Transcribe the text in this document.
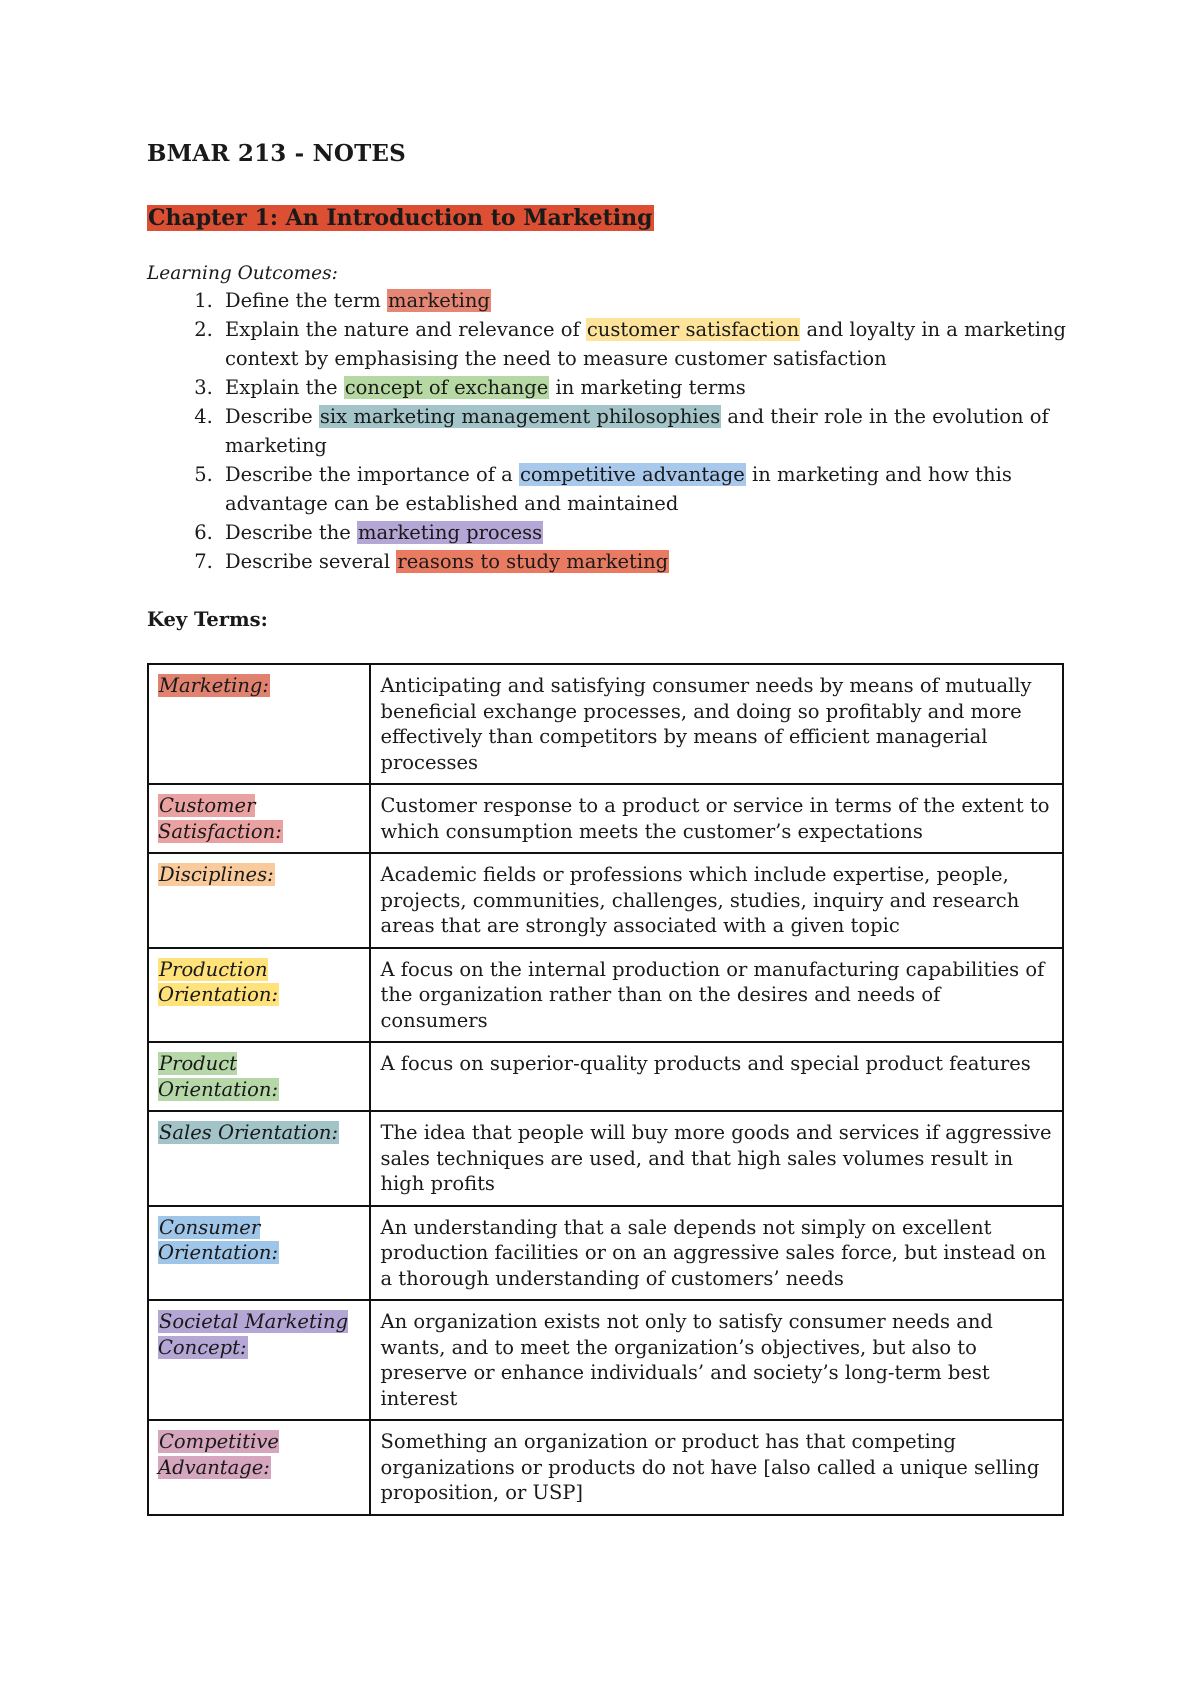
BMAR 213 - NOTES
Chapter 1: An Introduction to Marketing
Learning Outcomes:
1. Define the term marketing
2. Explain the nature and relevance of customer satisfaction and loyalty in a marketing context by emphasising the need to measure customer satisfaction
3. Explain the concept of exchange in marketing terms
4. Describe six marketing management philosophies and their role in the evolution of marketing
5. Describe the importance of a competitive advantage in marketing and how this advantage can be established and maintained
6. Describe the marketing process
7. Describe several reasons to study marketing
Key Terms:
Marketing:	Anticipating and satisfying consumer needs by means of mutually beneficial exchange processes, and doing so profitably and more effectively than competitors by means of efficient managerial processes
Customer Satisfaction:	Customer response to a product or service in terms of the extent to which consumption meets the customer’s expectations
Disciplines:	Academic fields or professions which include expertise, people, projects, communities, challenges, studies, inquiry and research areas that are strongly associated with a given topic
Production Orientation:	A focus on the internal production or manufacturing capabilities of the organization rather than on the desires and needs of consumers
Product Orientation:	A focus on superior-quality products and special product features
Sales Orientation:	The idea that people will buy more goods and services if aggressive sales techniques are used, and that high sales volumes result in high profits
Consumer Orientation:	An understanding that a sale depends not simply on excellent production facilities or on an aggressive sales force, but instead on a thorough understanding of customers’ needs
Societal Marketing Concept:	An organization exists not only to satisfy consumer needs and wants, and to meet the organization’s objectives, but also to preserve or enhance individuals’ and society’s long-term best interest
Competitive Advantage:	Something an organization or product has that competing organizations or products do not have [also called a unique selling proposition, or USP]
